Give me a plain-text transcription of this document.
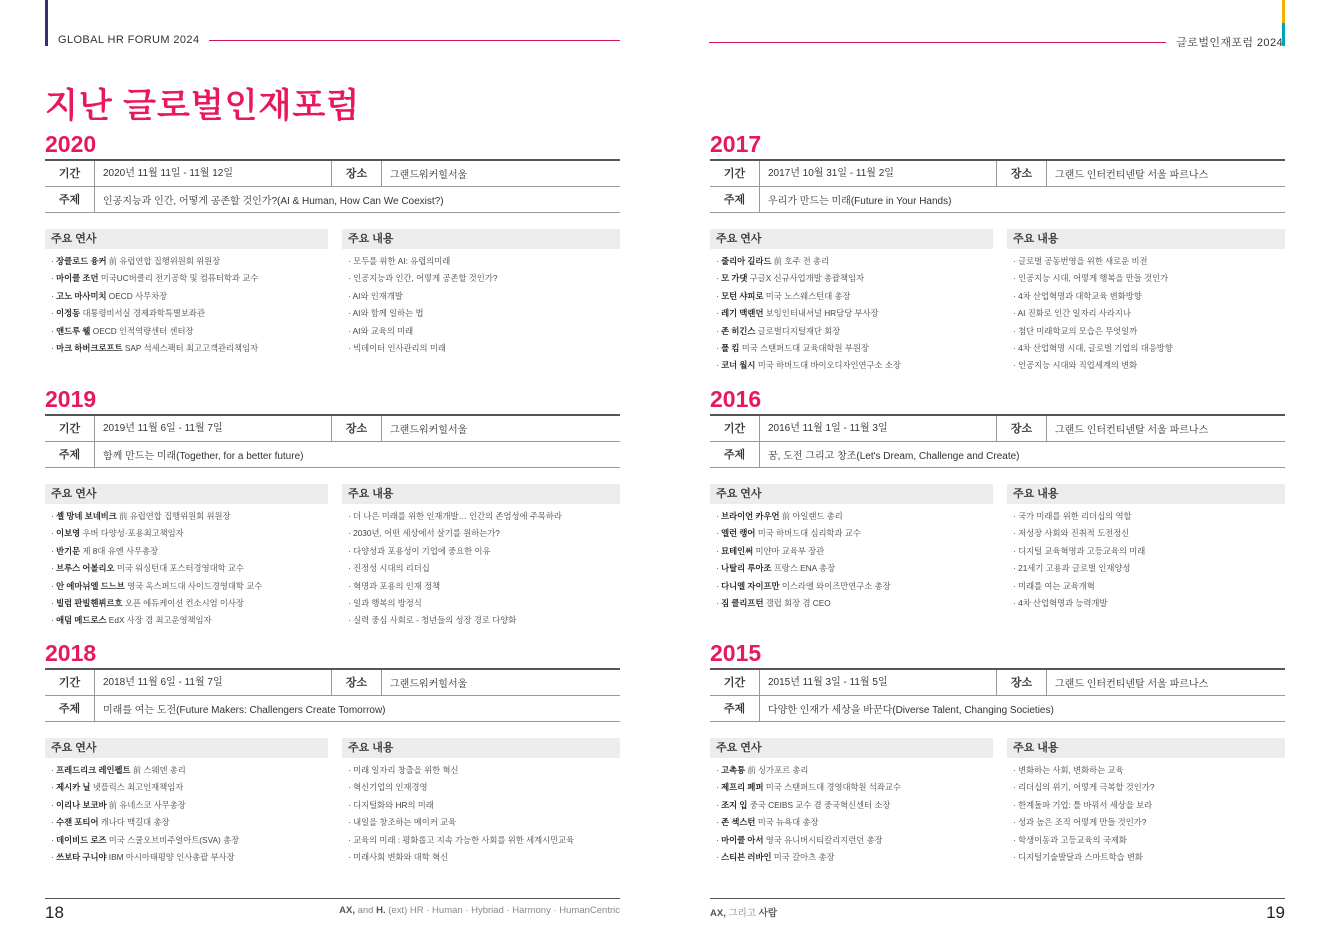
GLOBAL HR FORUM 2024
지난 글로벌인재포럼
2020
기간	2020년 11월 11일 - 11월 12일	장소	그랜드워커힐서울
주제	인공지능과 인간, 어떻게 공존할 것인가?(AI & Human, How Can We Coexist?)
주요 연사
· 장클로드 융커 前 유럽연합 집행위원회 위원장
· 마이클 조던 미국UC버클리 전기공학 및 컴퓨터학과 교수
· 고노 마사미치 OECD 사무차장
· 이정동 대통령비서실 경제과학특별보좌관
· 앤드루 웰 OECD 인적역량센터 센터장
· 마크 하버크로프트 SAP 석세스팩터 최고고객관리책임자
주요 내용
· 모두를 위한 AI: 유럽의미래
· 인공지능과 인간, 어떻게 공존할 것인가?
· AI와 인재개발
· AI와 함께 일하는 법
· AI와 교육의 미래
· 빅데이터 인사관리의 미래
2019
기간	2019년 11월 6일 - 11월 7일	장소	그랜드워커힐서울
주제	함께 만드는 미래(Together, for a better future)
주요 연사
· 셸 망네 보네비크 前 유럽연합 집행위원회 위원장
· 이보영 우버 다양성·포용최고책임자
· 반기문 제 8대 유엔 사무총장
· 브루스 어볼리오 미국 워싱턴대 포스터경영대학 교수
· 안 에마뉘엘 드느브 영국 옥스퍼드대 사이드경영대학 교수
· 빌럼 판빌헨뷔르흐 오픈 에듀케이션 컨소시엄 이사장
· 애덤 메드로스 EdX 사장 겸 최고운영책임자
주요 내용
· 더 나은 미래를 위한 인재개발… 인간의 존엄성에 주목하라
· 2030년, 어떤 세상에서 살기를 원하는가?
· 다양성과 포용성이 기업에 중요한 이유
· 진정성 시대의 리더십
· 혁명과 포용의 인재 정책
· 일과 행복의 방정식
· 실력 중심 사회로 - 청년들의 성장 경로 다양화
2018
기간	2018년 11월 6일 - 11월 7일	장소	그랜드워커힐서울
주제	미래를 여는 도전(Future Makers: Challengers Create Tomorrow)
주요 연사
· 프레드리크 레인펠트 前 스웨덴 총리
· 제시카 닐 넷플릭스 최고인재책임자
· 이리나 보코바 前 유네스코 사무총장
· 수잰 포티어 캐나다 맥길대 총장
· 데이비드 로즈 미국 스쿨오브비주얼아트(SVA) 총장
· 쓰보타 구니야 IBM 아시아태평양 인사총괄 부사장
주요 내용
· 미래 일자리 창출을 위한 혁신
· 혁신기업의 인재경영
· 디지털화와 HR의 미래
· 내일을 창조하는 메이커 교육
· 교육의 미래 : 평화롭고 지속 가능한 사회를 위한 세계시민교육
· 미래사회 변화와 대학 혁신
18	AX, and H. (ext) HR · Human · Hybriad · Harmony · HumanCentric
글로벌인재포럼 2024
2017
기간	2017년 10월 31일 - 11월 2일	장소	그랜드 인터컨티넨탈 서울 파르나스
주제	우리가 만드는 미래(Future in Your Hands)
주요 연사
· 줄리아 길라드 前 호주 전 총리
· 모 가댓 구글X 신규사업개발 총괄책임자
· 모턴 샤피로 미국 노스웨스턴대 총장
· 레기 맥랜던 보잉인터내셔널 HR담당 부사장
· 존 히긴스 글로벌디지털재단 회장
· 폴 킴 미국 스탠퍼드대 교육대학원 부원장
· 코너 월시 미국 하버드대 바이오디자인연구소 소장
주요 내용
· 글로벌 공동번영을 위한 새로운 비전
· 인공지능 시대, 어떻게 행복을 만들 것인가
· 4차 산업혁명과 대학교육 변화방향
· AI 진화로 인간 일자리 사라지나
· 첨단 미래학교의 모습은 무엇일까
· 4차 산업혁명 시대, 글로벌 기업의 대응방향
· 인공지능 시대와 직업세계의 변화
2016
기간	2016년 11월 1일 - 11월 3일	장소	그랜드 인터컨티넨탈 서울 파르나스
주제	꿈, 도전 그리고 창조(Let's Dream, Challenge and Create)
주요 연사
· 브라이언 카우언 前 아일랜드 총리
· 엘런 랭어 미국 하버드대 심리학과 교수
· 묘테인써 미얀마 교육부 장관
· 나탈리 루아조 프랑스 ENA 총장
· 다니엘 자이프만 이스라엘 와이즈만연구소 총장
· 짐 클리프턴 갤럽 회장 겸 CEO
주요 내용
· 국가 미래를 위한 리더십의 역할
· 저성장 사회와 진취적 도전정신
· 디지털 교육혁명과 고등교육의 미래
· 21세기 고용과 글로벌 인재양성
· 미래를 여는 교육개혁
· 4차 산업혁명과 능력개발
2015
기간	2015년 11월 3일 - 11월 5일	장소	그랜드 인터컨티넨탈 서울 파르나스
주제	다양한 인재가 세상을 바꾼다(Diverse Talent, Changing Societies)
주요 연사
· 고촉통 前 싱가포르 총리
· 제프리 페퍼 미국 스탠퍼드대 경영대학원 석좌교수
· 조지 입 중국 CEIBS 교수 겸 중국혁신센터 소장
· 존 섹스턴 미국 뉴욕대 총장
· 마이클 아서 영국 유니버시티칼리지런던 총장
· 스티븐 러바인 미국 갈아츠 총장
주요 내용
· 변화하는 사회, 변화하는 교육
· 리더십의 위기, 어떻게 극복할 것인가?
· 한계돌파 기업: 틀 바꿔서 세상을 보라
· 성과 높은 조직 어떻게 만들 것인가?
· 학생이동과 고등교육의 국제화
· 디지털기술발달과 스마트학습 변화
19
AX, 그리고 사람
